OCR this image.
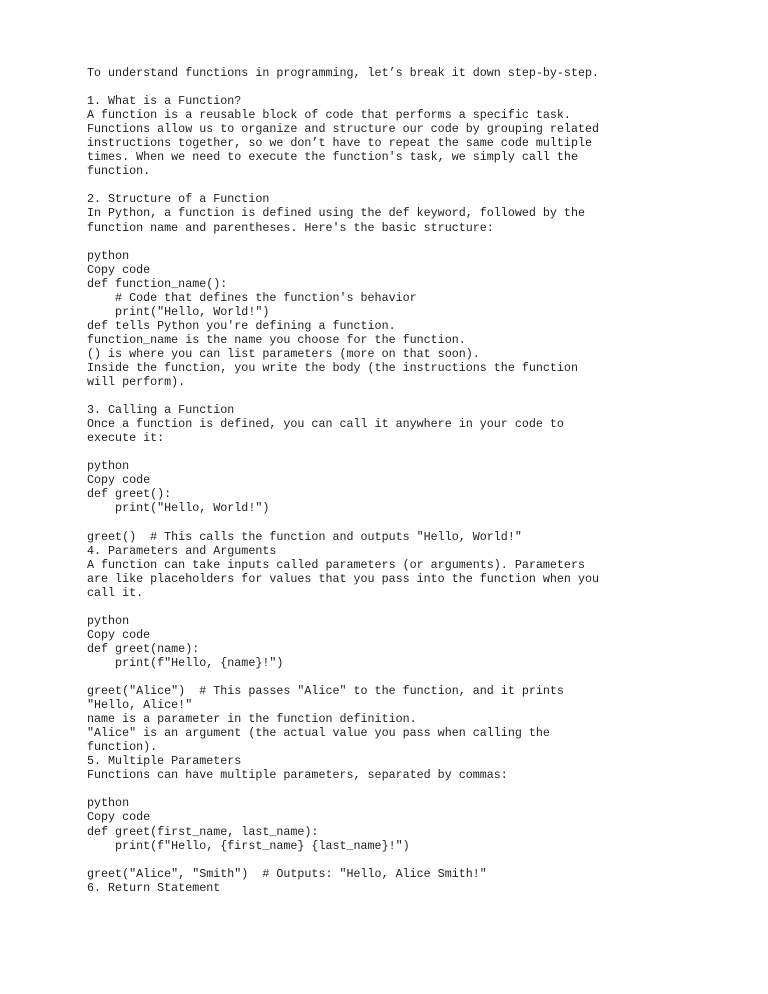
To understand functions in programming, let’s break it down step-by-step.
1. What is a Function?
A function is a reusable block of code that performs a specific task.
Functions allow us to organize and structure our code by grouping related
instructions together, so we don’t have to repeat the same code multiple
times. When we need to execute the function's task, we simply call the
function.
2. Structure of a Function
In Python, a function is defined using the def keyword, followed by the
function name and parentheses. Here's the basic structure:
python
Copy code
def function_name():
# Code that defines the function's behavior
print("Hello, World!")
def tells Python you're defining a function.
function_name is the name you choose for the function.
() is where you can list parameters (more on that soon).
Inside the function, you write the body (the instructions the function
will perform).
3. Calling a Function
Once a function is defined, you can call it anywhere in your code to
execute it:
python
Copy code
def greet():
print("Hello, World!")
greet()  # This calls the function and outputs "Hello, World!"
4. Parameters and Arguments
A function can take inputs called parameters (or arguments). Parameters
are like placeholders for values that you pass into the function when you
call it.
python
Copy code
def greet(name):
print(f"Hello, {name}!")
greet("Alice")  # This passes "Alice" to the function, and it prints
"Hello, Alice!"
name is a parameter in the function definition.
"Alice" is an argument (the actual value you pass when calling the
function).
5. Multiple Parameters
Functions can have multiple parameters, separated by commas:
python
Copy code
def greet(first_name, last_name):
print(f"Hello, {first_name} {last_name}!")
greet("Alice", "Smith")  # Outputs: "Hello, Alice Smith!"
6. Return Statement
